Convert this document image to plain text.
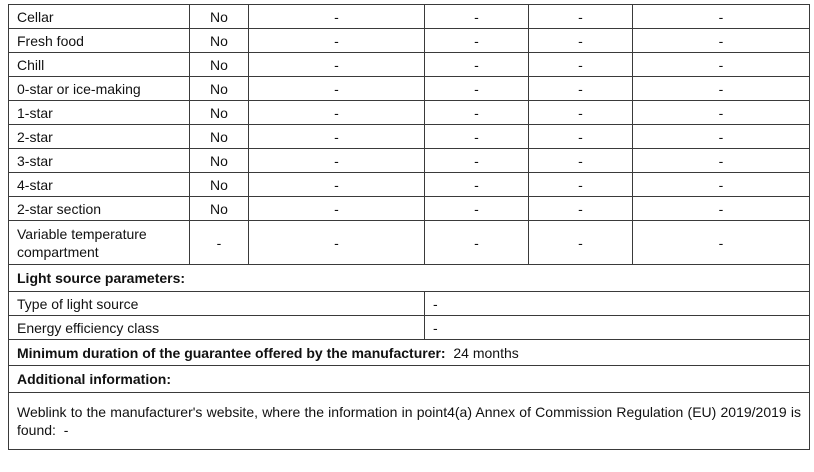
Cellar	No	-	-	-	-
Fresh food	No	-	-	-	-
Chill	No	-	-	-	-
0-star or ice-making	No	-	-	-	-
1-star	No	-	-	-	-
2-star	No	-	-	-	-
3-star	No	-	-	-	-
4-star	No	-	-	-	-
2-star section	No	-	-	-	-
Variable temperature compartment	-	-	-	-	-
Light source parameters:					
Type of light source			-		
Energy efficiency class			-		
Minimum duration of the guarantee offered by the manufacturer: 24 months					
Additional information:					
Weblink to the manufacturer's website, where the information in point4(a) Annex of Commission Regulation (EU) 2019/2019 is found: -					
